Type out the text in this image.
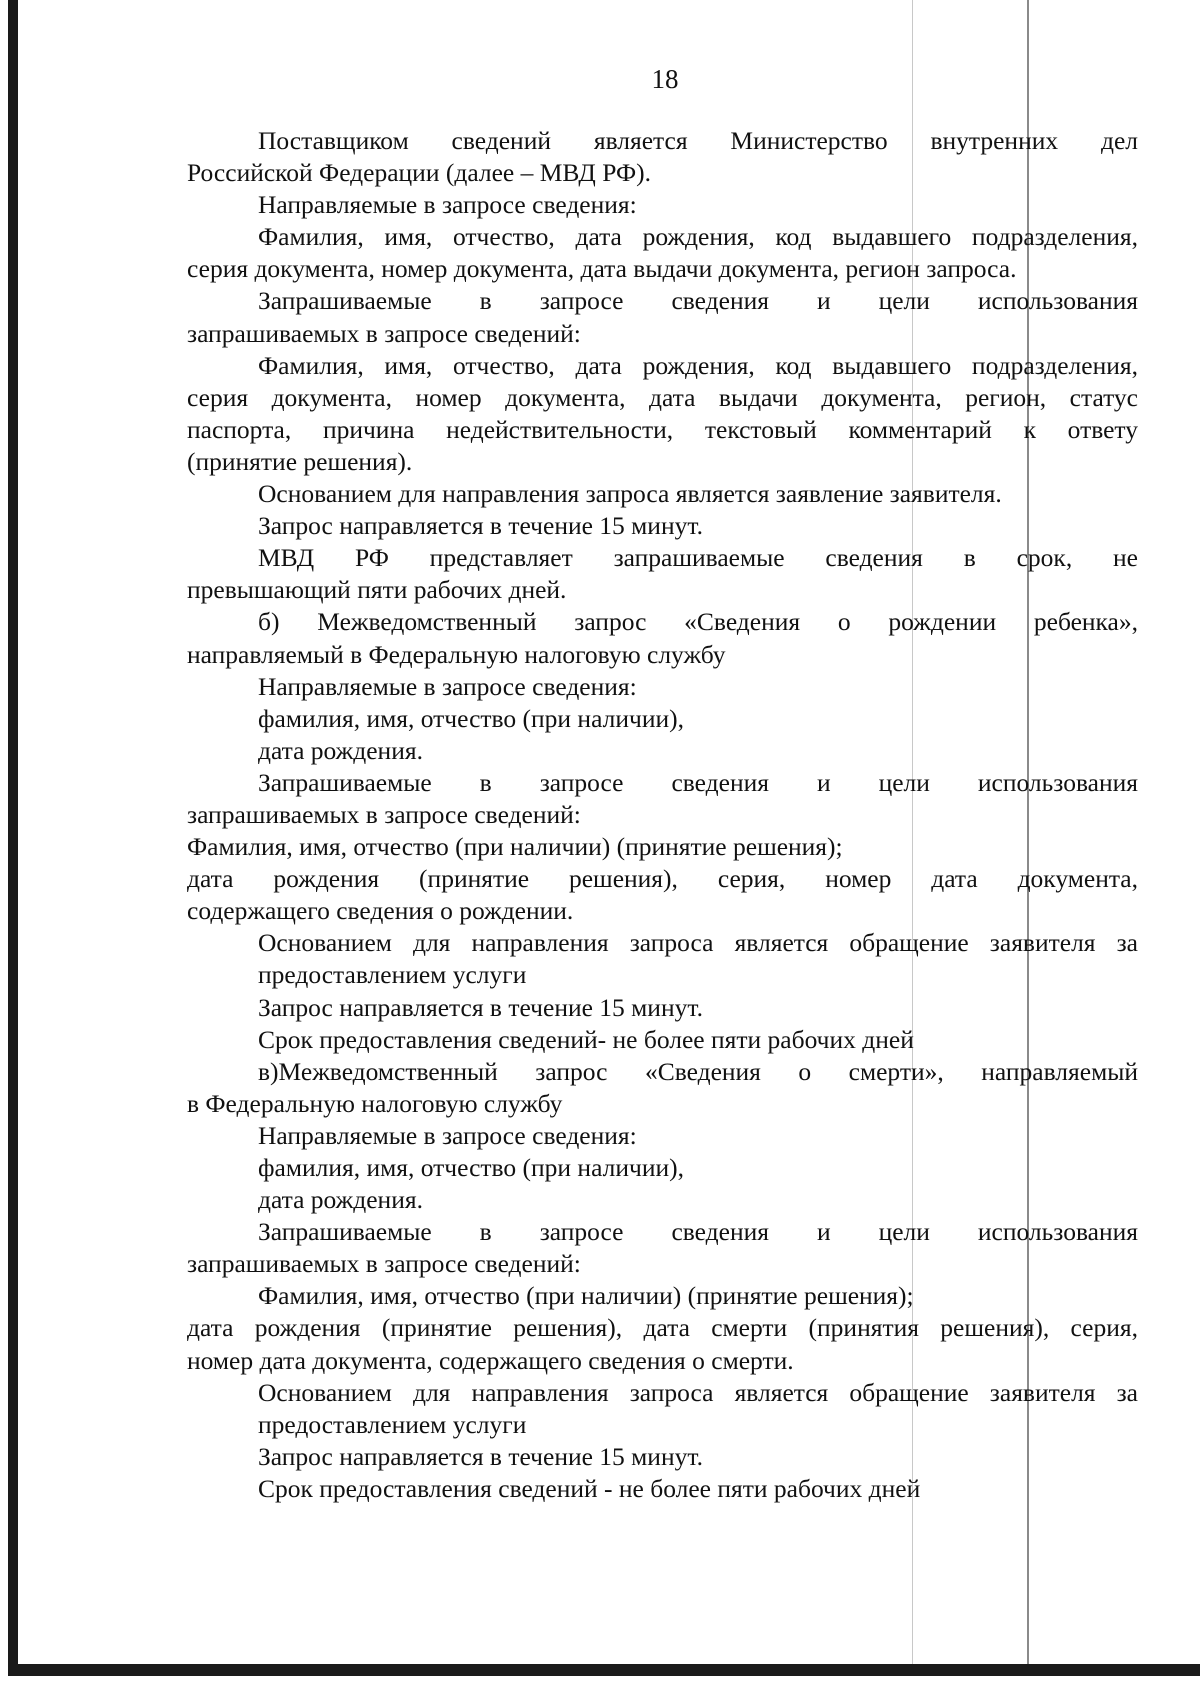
18
Поставщиком сведений является Министерство внутренних дел
Российской Федерации (далее – МВД РФ).
Направляемые в запросе сведения:
Фамилия, имя, отчество, дата рождения, код выдавшего подразделения,
серия документа, номер документа, дата выдачи документа, регион запроса.
Запрашиваемые в запросе сведения и цели использования
запрашиваемых в запросе сведений:
Фамилия, имя, отчество, дата рождения, код выдавшего подразделения,
серия документа, номер документа, дата выдачи документа, регион, статус
паспорта, причина недействительности, текстовый комментарий к ответу
(принятие решения).
Основанием для направления запроса является заявление заявителя.
Запрос направляется в течение 15 минут.
МВД РФ представляет запрашиваемые сведения в срок, не
превышающий пяти рабочих дней.
б) Межведомственный запрос «Сведения о рождении ребенка»,
направляемый в Федеральную налоговую службу
Направляемые в запросе сведения:
фамилия, имя, отчество (при наличии),
дата рождения.
Запрашиваемые в запросе сведения и цели использования
запрашиваемых в запросе сведений:
Фамилия, имя, отчество (при наличии) (принятие решения);
дата рождения (принятие решения), серия, номер дата документа,
содержащего сведения о рождении.
Основанием для направления запроса является обращение заявителя за
предоставлением услуги
Запрос направляется в течение 15 минут.
Срок предоставления сведений- не более пяти рабочих дней
в)Межведомственный запрос «Сведения о смерти», направляемый
в Федеральную налоговую службу
Направляемые в запросе сведения:
фамилия, имя, отчество (при наличии),
дата рождения.
Запрашиваемые в запросе сведения и цели использования
запрашиваемых в запросе сведений:
Фамилия, имя, отчество (при наличии) (принятие решения);
дата рождения (принятие решения), дата смерти (принятия решения), серия,
номер дата документа, содержащего сведения о смерти.
Основанием для направления запроса является обращение заявителя за
предоставлением услуги
Запрос направляется в течение 15 минут.
Срок предоставления сведений - не более пяти рабочих дней
